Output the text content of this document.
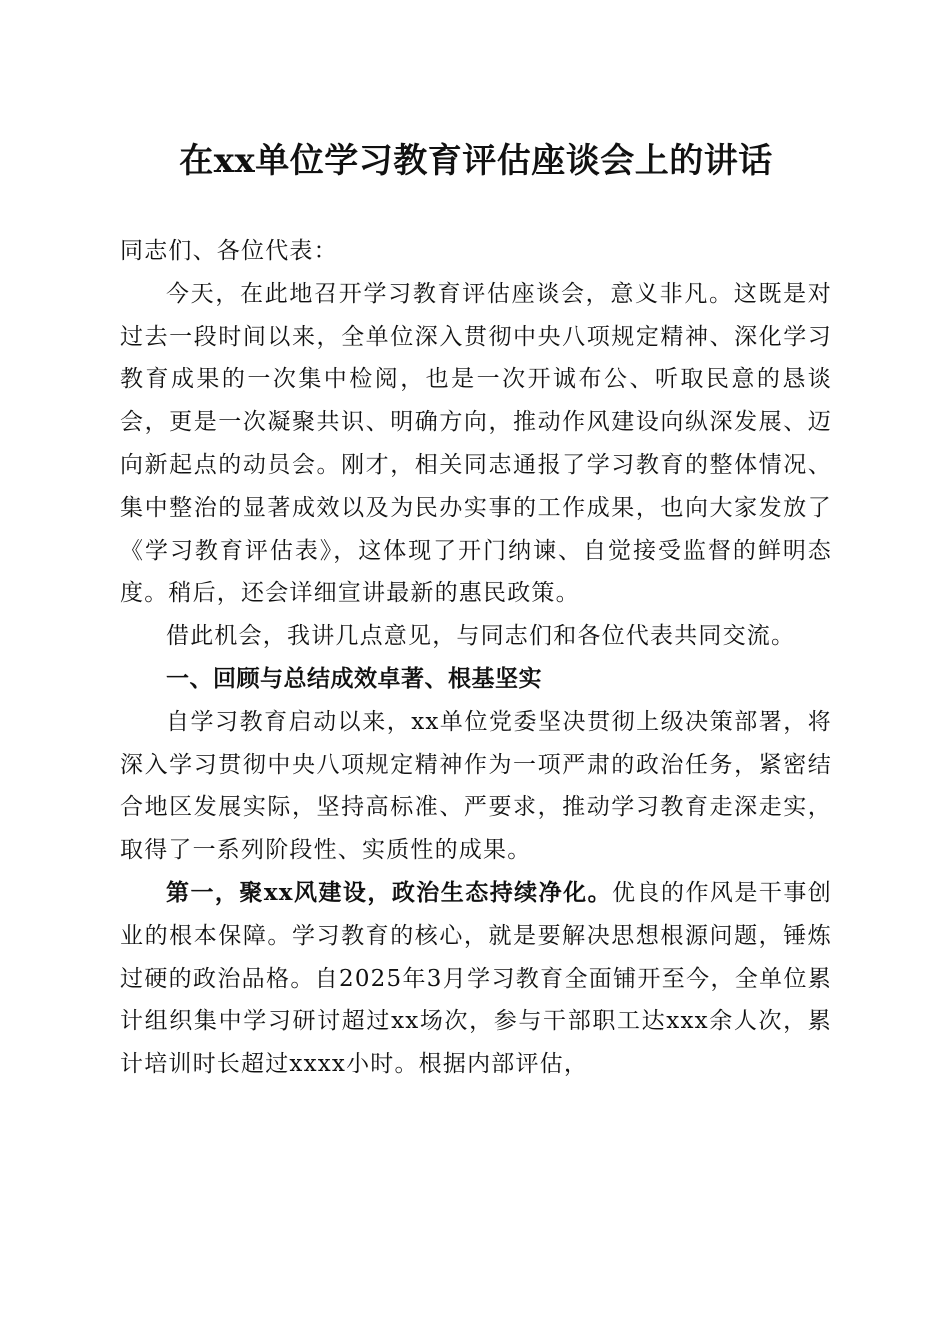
在xx单位学习教育评估座谈会上的讲话

同志们、各位代表：

今天，在此地召开学习教育评估座谈会，意义非凡。这既是对过去一段时间以来，全单位深入贯彻中央八项规定精神、深化学习教育成果的一次集中检阅，也是一次开诚布公、听取民意的恳谈会，更是一次凝聚共识、明确方向，推动作风建设向纵深发展、迈向新起点的动员会。刚才，相关同志通报了学习教育的整体情况、集中整治的显著成效以及为民办实事的工作成果，也向大家发放了《学习教育评估表》，这体现了开门纳谏、自觉接受监督的鲜明态度。稍后，还会详细宣讲最新的惠民政策。

借此机会，我讲几点意见，与同志们和各位代表共同交流。

一、回顾与总结成效卓著、根基坚实

自学习教育启动以来，xx单位党委坚决贯彻上级决策部署，将深入学习贯彻中央八项规定精神作为一项严肃的政治任务，紧密结合地区发展实际，坚持高标准、严要求，推动学习教育走深走实，取得了一系列阶段性、实质性的成果。

第一，聚xx风建设，政治生态持续净化。优良的作风是干事创业的根本保障。学习教育的核心，就是要解决思想根源问题，锤炼过硬的政治品格。自2025年3月学习教育全面铺开至今，全单位累计组织集中学习研讨超过xx场次，参与干部职工达xxx余人次，累计培训时长超过xxxx小时。根据内部评估，
